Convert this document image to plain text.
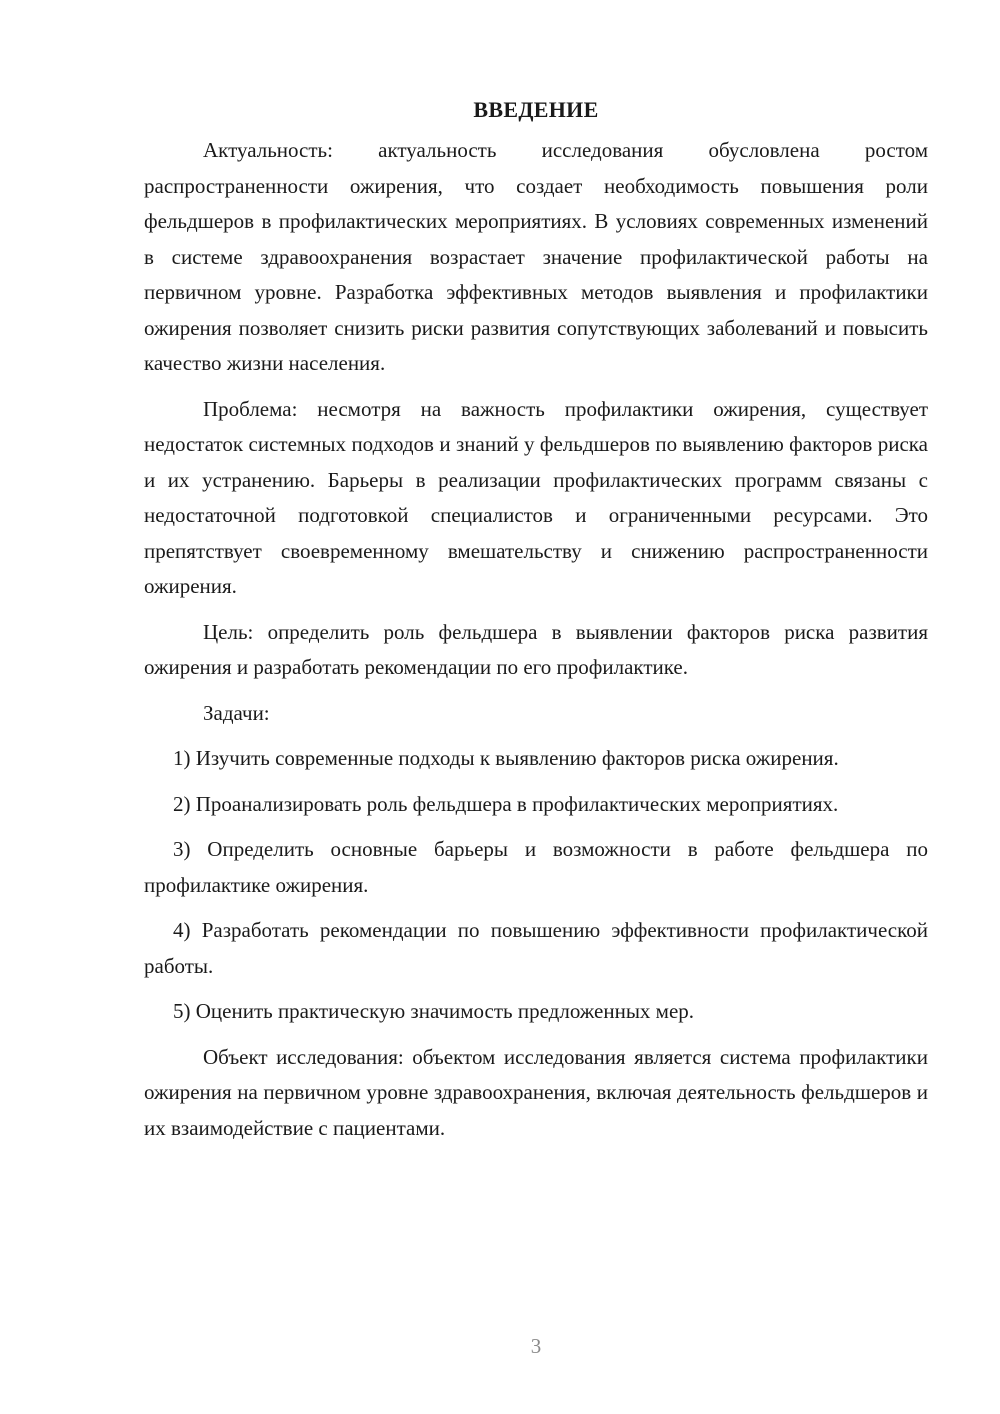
ВВЕДЕНИЕ

Актуальность: актуальность исследования обусловлена ростом распространенности ожирения, что создает необходимость повышения роли фельдшеров в профилактических мероприятиях. В условиях современных изменений в системе здравоохранения возрастает значение профилактической работы на первичном уровне. Разработка эффективных методов выявления и профилактики ожирения позволяет снизить риски развития сопутствующих заболеваний и повысить качество жизни населения.

Проблема: несмотря на важность профилактики ожирения, существует недостаток системных подходов и знаний у фельдшеров по выявлению факторов риска и их устранению. Барьеры в реализации профилактических программ связаны с недостаточной подготовкой специалистов и ограниченными ресурсами. Это препятствует своевременному вмешательству и снижению распространенности ожирения.

Цель: определить роль фельдшера в выявлении факторов риска развития ожирения и разработать рекомендации по его профилактике.

Задачи:

1) Изучить современные подходы к выявлению факторов риска ожирения.

2) Проанализировать роль фельдшера в профилактических мероприятиях.

3) Определить основные барьеры и возможности в работе фельдшера по профилактике ожирения.

4) Разработать рекомендации по повышению эффективности профилактической работы.

5) Оценить практическую значимость предложенных мер.

Объект исследования: объектом исследования является система профилактики ожирения на первичном уровне здравоохранения, включая деятельность фельдшеров и их взаимодействие с пациентами.

3
